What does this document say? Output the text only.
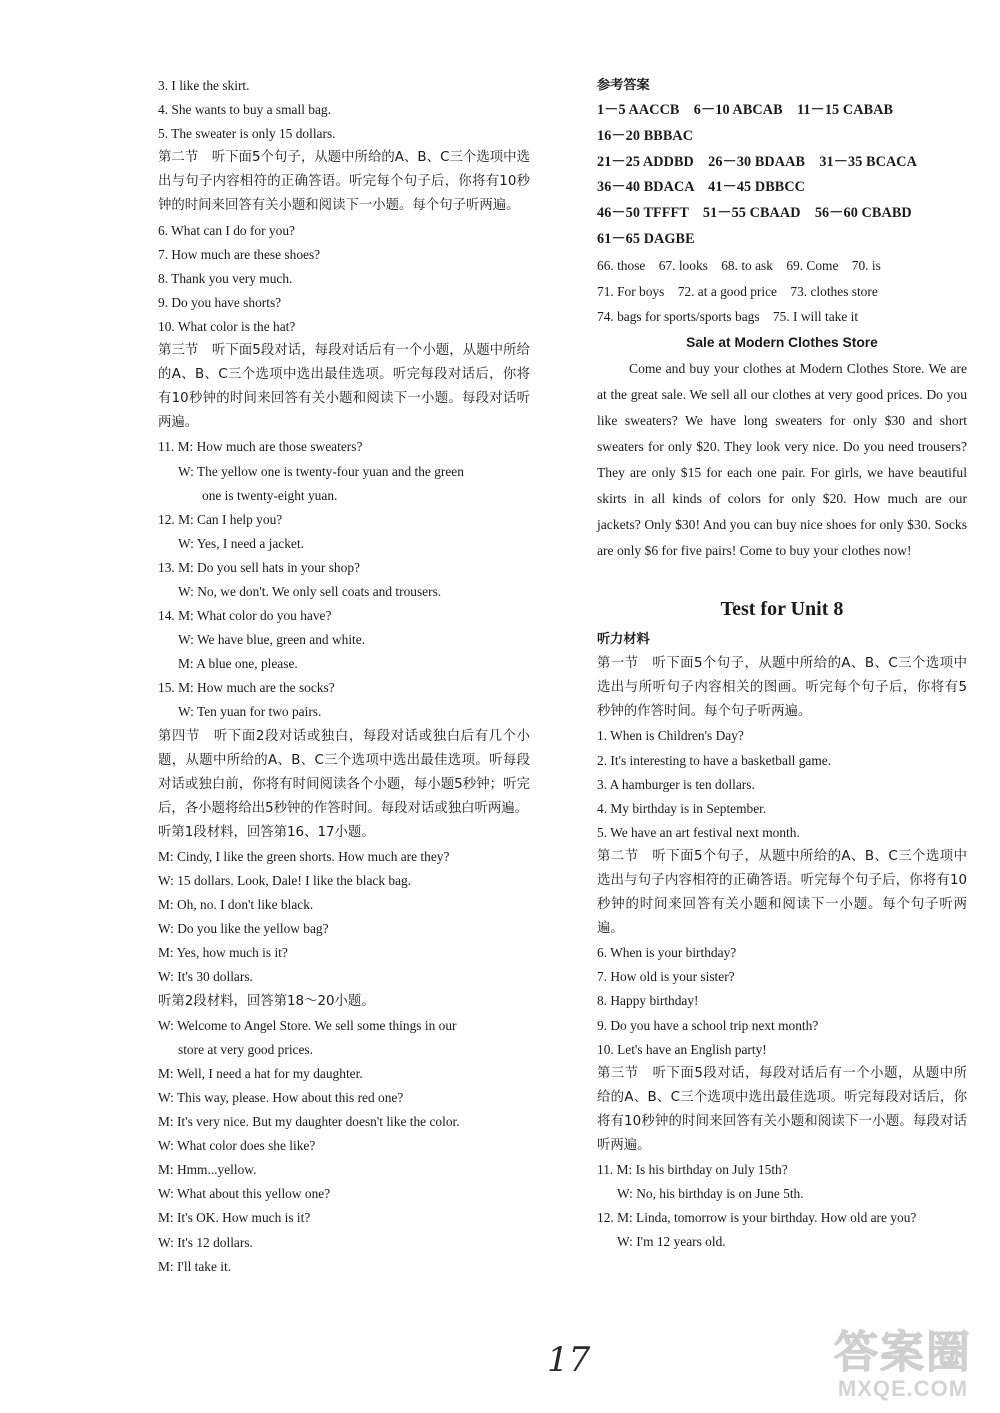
3. I like the skirt.
4. She wants to buy a small bag.
5. The sweater is only 15 dollars.
第二节　听下面5个句子，从题中所给的A、B、C三个选项中选出与句子内容相符的正确答语。听完每个句子后，你将有10秒钟的时间来回答有关小题和阅读下一小题。每个句子听两遍。
6. What can I do for you?
7. How much are these shoes?
8. Thank you very much.
9. Do you have shorts?
10. What color is the hat?
第三节　听下面5段对话，每段对话后有一个小题，从题中所给的A、B、C三个选项中选出最佳选项。听完每段对话后，你将有10秒钟的时间来回答有关小题和阅读下一小题。每段对话听两遍。
11. M: How much are those sweaters?
W: The yellow one is twenty-four yuan and the green
one is twenty-eight yuan.
12. M: Can I help you?
W: Yes, I need a jacket.
13. M: Do you sell hats in your shop?
W: No, we don't. We only sell coats and trousers.
14. M: What color do you have?
W: We have blue, green and white.
M: A blue one, please.
15. M: How much are the socks?
W: Ten yuan for two pairs.
第四节　听下面2段对话或独白，每段对话或独白后有几个小题，从题中所给的A、B、C三个选项中选出最佳选项。听每段对话或独白前，你将有时间阅读各个小题，每小题5秒钟；听完后，各小题将给出5秒钟的作答时间。每段对话或独白听两遍。
听第1段材料，回答第16、17小题。
M: Cindy, I like the green shorts. How much are they?
W: 15 dollars. Look, Dale! I like the black bag.
M: Oh, no. I don't like black.
W: Do you like the yellow bag?
M: Yes, how much is it?
W: It's 30 dollars.
听第2段材料，回答第18～20小题。
W: Welcome to Angel Store. We sell some things in our
store at very good prices.
M: Well, I need a hat for my daughter.
W: This way, please. How about this red one?
M: It's very nice. But my daughter doesn't like the color.
W: What color does she like?
M: Hmm...yellow.
W: What about this yellow one?
M: It's OK. How much is it?
W: It's 12 dollars.
M: I'll take it.
参考答案
1－5 AACCB　6－10 ABCAB　11－15 CABAB
16－20 BBBAC
21－25 ADDBD　26－30 BDAAB　31－35 BCACA
36－40 BDACA　41－45 DBBCC
46－50 TFFFT　51－55 CBAAD　56－60 CBABD
61－65 DAGBE
66. those　67. looks　68. to ask　69. Come　70. is
71. For boys　72. at a good price　73. clothes store
74. bags for sports/sports bags　75. I will take it
Sale at Modern Clothes Store
Come and buy your clothes at Modern Clothes Store. We are at the great sale. We sell all our clothes at very good prices. Do you like sweaters? We have long sweaters for only $30 and short sweaters for only $20. They look very nice. Do you need trousers? They are only $15 for each one pair. For girls, we have beautiful skirts in all kinds of colors for only $20. How much are our jackets? Only $30! And you can buy nice shoes for only $30. Socks are only $6 for five pairs! Come to buy your clothes now!
Test for Unit 8
听力材料
第一节　听下面5个句子，从题中所给的A、B、C三个选项中选出与所听句子内容相关的图画。听完每个句子后，你将有5秒钟的作答时间。每个句子听两遍。
1. When is Children's Day?
2. It's interesting to have a basketball game.
3. A hamburger is ten dollars.
4. My birthday is in September.
5. We have an art festival next month.
第二节　听下面5个句子，从题中所给的A、B、C三个选项中选出与句子内容相符的正确答语。听完每个句子后，你将有10秒钟的时间来回答有关小题和阅读下一小题。每个句子听两遍。
6. When is your birthday?
7. How old is your sister?
8. Happy birthday!
9. Do you have a school trip next month?
10. Let's have an English party!
第三节　听下面5段对话，每段对话后有一个小题，从题中所给的A、B、C三个选项中选出最佳选项。听完每段对话后，你将有10秒钟的时间来回答有关小题和阅读下一小题。每段对话听两遍。
11. M: Is his birthday on July 15th?
W: No, his birthday is on June 5th.
12. M: Linda, tomorrow is your birthday. How old are you?
W: I'm 12 years old.
17	答案圈
MXQE.COM
